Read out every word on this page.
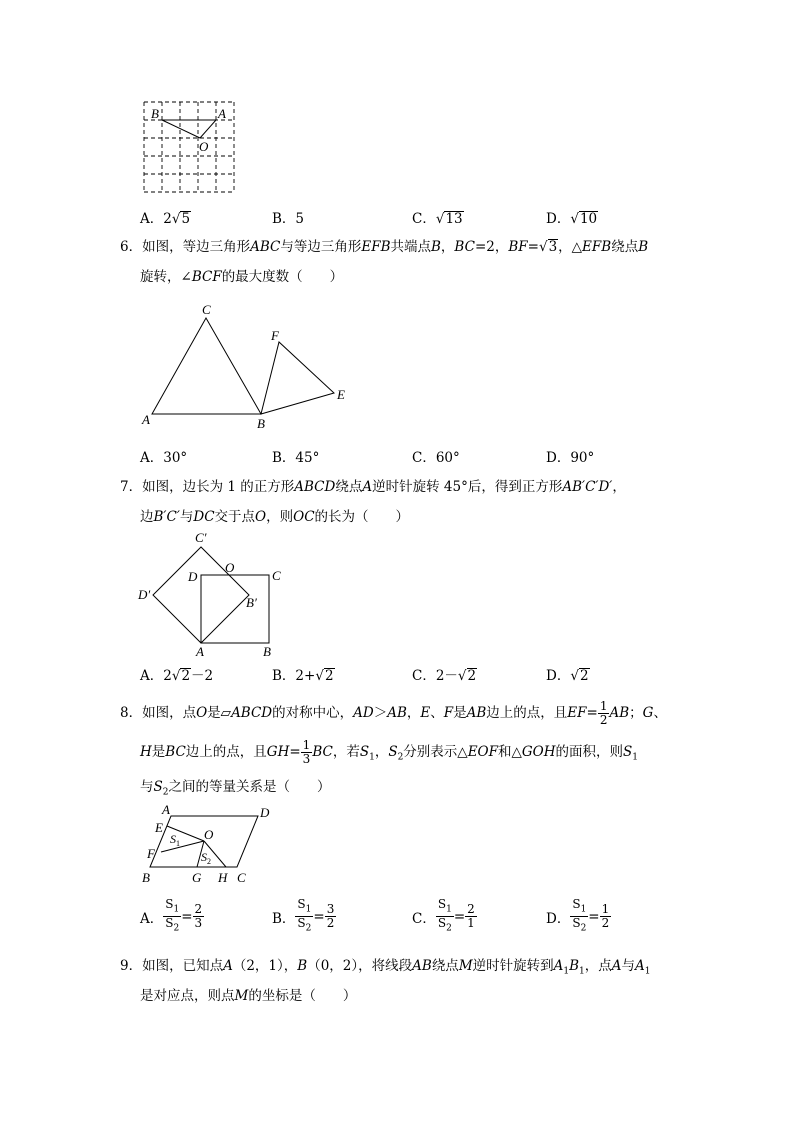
B	A
O
A．2√5	B．5	C．√13	D．√10
6．如图，等边三角形ABC与等边三角形EFB共端点B，BC=2，BF=√3，△EFB绕点B
旋转，∠BCF的最大度数（　　）
C
F
E
A	B
A．30°	B．45°	C．60°	D．90°
7．如图，边长为 1 的正方形ABCD绕点A逆时针旋转 45°后，得到正方形AB′C′D′，
边B′C′与DC交于点O，则OC的长为（　　）
C′
D
O
C
D′
B′
A	B
A．2√2－2	B．2+√2	C．2－√2	D．√2
8．如图，点O是▱ABCD的对称中心，AD＞AB，E、F是AB边上的点，且$EF= \frac{1}{2}$ AB；G、
H是BC边上的点，且$GH= \frac{1}{3}$ BC，若$S_1$，$S_2$分别表示△EOF和△GOH的面积，则$S_1$
与$S_2$之间的等量关系是（　　）
A	D
E
$S_1$
O
F	$S_2$
B	G H C
A． $\frac{S_1}{S_2} = \frac{2}{3}$	B． $\frac{S_1}{S_2} = \frac{3}{2}$	C． $\frac{S_1}{S_2} = \frac{2}{1}$	D． $\frac{S_1}{S_2} = \frac{1}{2}$
9．如图，已知点A（2，1），B（0，2），将线段AB绕点M逆时针旋转到$A_1B_1$，点A与$A_1$
是对应点，则点M的坐标是（　　）
